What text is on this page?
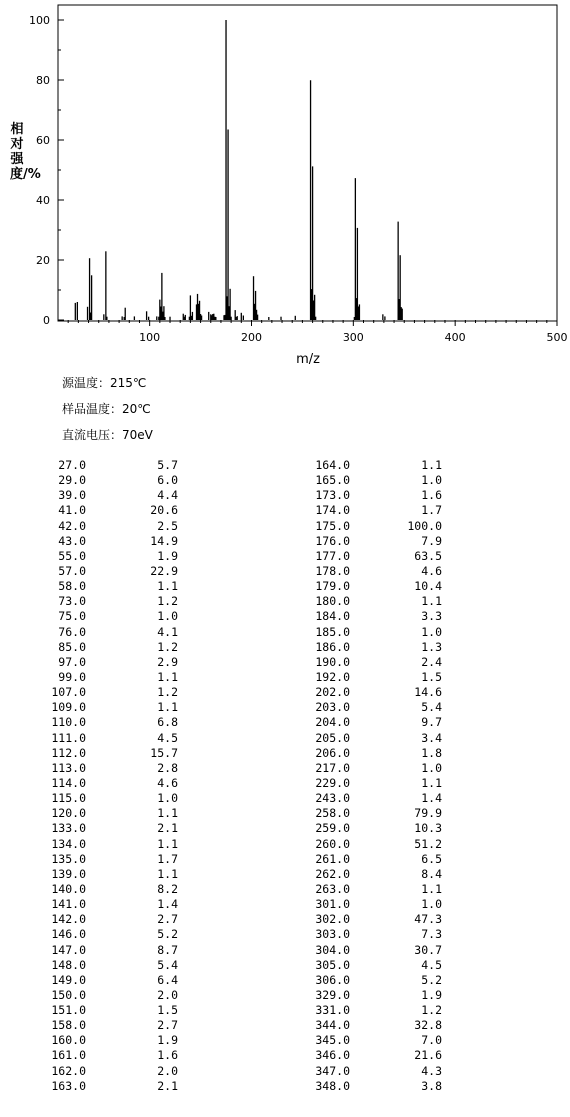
0
20
40
60
80
100
100	200	300	400	500
m/z
相对强度/%
源温度：215℃
样品温度：20℃
直流电压：70eV
27.0	5.7
29.0	6.0
39.0	4.4
41.0	20.6
42.0	2.5
43.0	14.9
55.0	1.9
57.0	22.9
58.0	1.1
73.0	1.2
75.0	1.0
76.0	4.1
85.0	1.2
97.0	2.9
99.0	1.1
107.0	1.2
109.0	1.1
110.0	6.8
111.0	4.5
112.0	15.7
113.0	2.8
114.0	4.6
115.0	1.0
120.0	1.1
133.0	2.1
134.0	1.1
135.0	1.7
139.0	1.1
140.0	8.2
141.0	1.4
142.0	2.7
146.0	5.2
147.0	8.7
148.0	5.4
149.0	6.4
150.0	2.0
151.0	1.5
158.0	2.7
160.0	1.9
161.0	1.6
162.0	2.0
163.0	2.1
164.0	1.1
165.0	1.0
173.0	1.6
174.0	1.7
175.0	100.0
176.0	7.9
177.0	63.5
178.0	4.6
179.0	10.4
180.0	1.1
184.0	3.3
185.0	1.0
186.0	1.3
190.0	2.4
192.0	1.5
202.0	14.6
203.0	5.4
204.0	9.7
205.0	3.4
206.0	1.8
217.0	1.0
229.0	1.1
243.0	1.4
258.0	79.9
259.0	10.3
260.0	51.2
261.0	6.5
262.0	8.4
263.0	1.1
301.0	1.0
302.0	47.3
303.0	7.3
304.0	30.7
305.0	4.5
306.0	5.2
329.0	1.9
331.0	1.2
344.0	32.8
345.0	7.0
346.0	21.6
347.0	4.3
348.0	3.8
